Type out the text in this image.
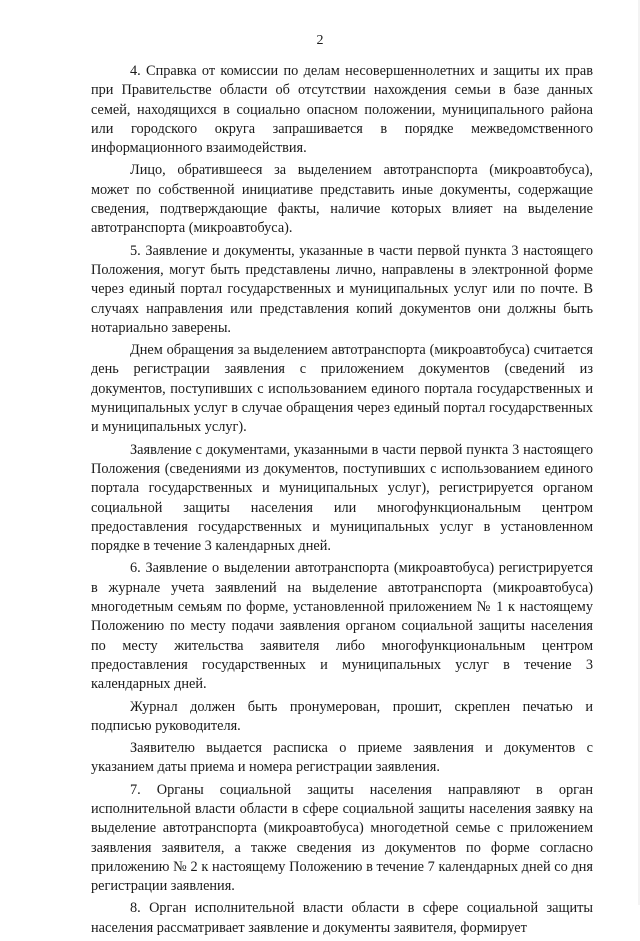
2

4. Справка от комиссии по делам несовершеннолетних и защиты их прав при Правительстве области об отсутствии нахождения семьи в базе данных семей, находящихся в социально опасном положении, муниципального района или городского округа запрашивается в порядке межведомственного информационного взаимодействия.

Лицо, обратившееся за выделением автотранспорта (микроавтобуса), может по собственной инициативе представить иные документы, содержащие сведения, подтверждающие факты, наличие которых влияет на выделение автотранспорта (микроавтобуса).

5. Заявление и документы, указанные в части первой пункта 3 настоящего Положения, могут быть представлены лично, направлены в электронной форме через единый портал государственных и муниципальных услуг или по почте. В случаях направления или представления копий документов они должны быть нотариально заверены.

Днем обращения за выделением автотранспорта (микроавтобуса) считается день регистрации заявления с приложением документов (сведений из документов, поступивших с использованием единого портала государственных и муниципальных услуг в случае обращения через единый портал государственных и муниципальных услуг).

Заявление с документами, указанными в части первой пункта 3 настоящего Положения (сведениями из документов, поступивших с использованием единого портала государственных и муниципальных услуг), регистрируется органом социальной защиты населения или многофункциональным центром предоставления государственных и муниципальных услуг в установленном порядке в течение 3 календарных дней.

6. Заявление о выделении автотранспорта (микроавтобуса) регистрируется в журнале учета заявлений на выделение автотранспорта (микроавтобуса) многодетным семьям по форме, установленной приложением № 1 к настоящему Положению по месту подачи заявления органом социальной защиты населения по месту жительства заявителя либо многофункциональным центром предоставления государственных и муниципальных услуг в течение 3 календарных дней.

Журнал должен быть пронумерован, прошит, скреплен печатью и подписью руководителя.

Заявителю выдается расписка о приеме заявления и документов с указанием даты приема и номера регистрации заявления.

7. Органы социальной защиты населения направляют в орган исполнительной власти области в сфере социальной защиты населения заявку на выделение автотранспорта (микроавтобуса) многодетной семье с приложением заявления заявителя, а также сведения из документов по форме согласно приложению № 2 к настоящему Положению в течение 7 календарных дней со дня регистрации заявления.

8. Орган исполнительной власти области в сфере социальной защиты населения рассматривает заявление и документы заявителя, формирует
